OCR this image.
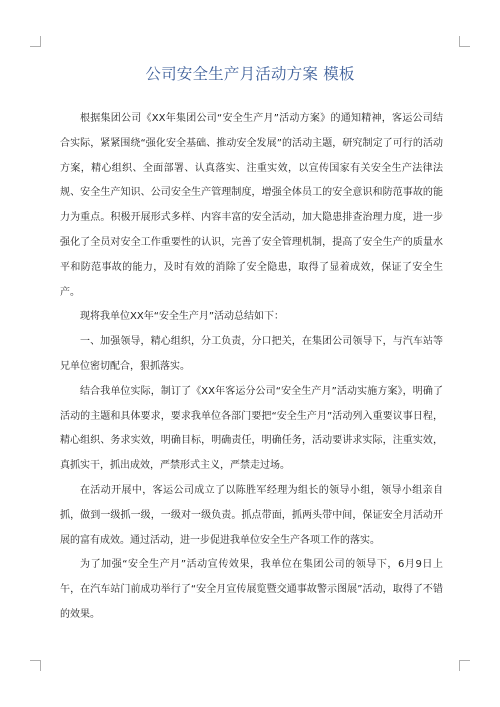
公司安全生产月活动方案 模板

根据集团公司《XX年集团公司“安全生产月”活动方案》的通知精神，客运公司结合实际，紧紧围绕“强化安全基础、推动安全发展”的活动主题，研究制定了可行的活动方案，精心组织、全面部署、认真落实、注重实效，以宣传国家有关安全生产法律法规、安全生产知识、公司安全生产管理制度，增强全体员工的安全意识和防范事故的能力为重点。积极开展形式多样、内容丰富的安全活动，加大隐患排查治理力度，进一步强化了全员对安全工作重要性的认识，完善了安全管理机制，提高了安全生产的质量水平和防范事故的能力，及时有效的消除了安全隐患，取得了显着成效，保证了安全生产。

现将我单位XX年“安全生产月”活动总结如下：

一、加强领导，精心组织，分工负责，分口把关，在集团公司领导下，与汽车站等兄单位密切配合，狠抓落实。

结合我单位实际，制订了《XX年客运分公司“安全生产月”活动实施方案》，明确了活动的主题和具体要求，要求我单位各部门要把“安全生产月”活动列入重要议事日程，精心组织、务求实效，明确目标，明确责任，明确任务，活动要讲求实际，注重实效，真抓实干，抓出成效，严禁形式主义，严禁走过场。

在活动开展中，客运公司成立了以陈胜军经理为组长的领导小组，领导小组亲自抓，做到一级抓一级，一级对一级负责。抓点带面，抓两头带中间，保证安全月活动开展的富有成效。通过活动，进一步促进我单位安全生产各项工作的落实。

为了加强“安全生产月”活动宣传效果，我单位在集团公司的领导下，6月9日上午，在汽车站门前成功举行了“安全月宣传展览暨交通事故警示图展”活动，取得了不错的效果。
